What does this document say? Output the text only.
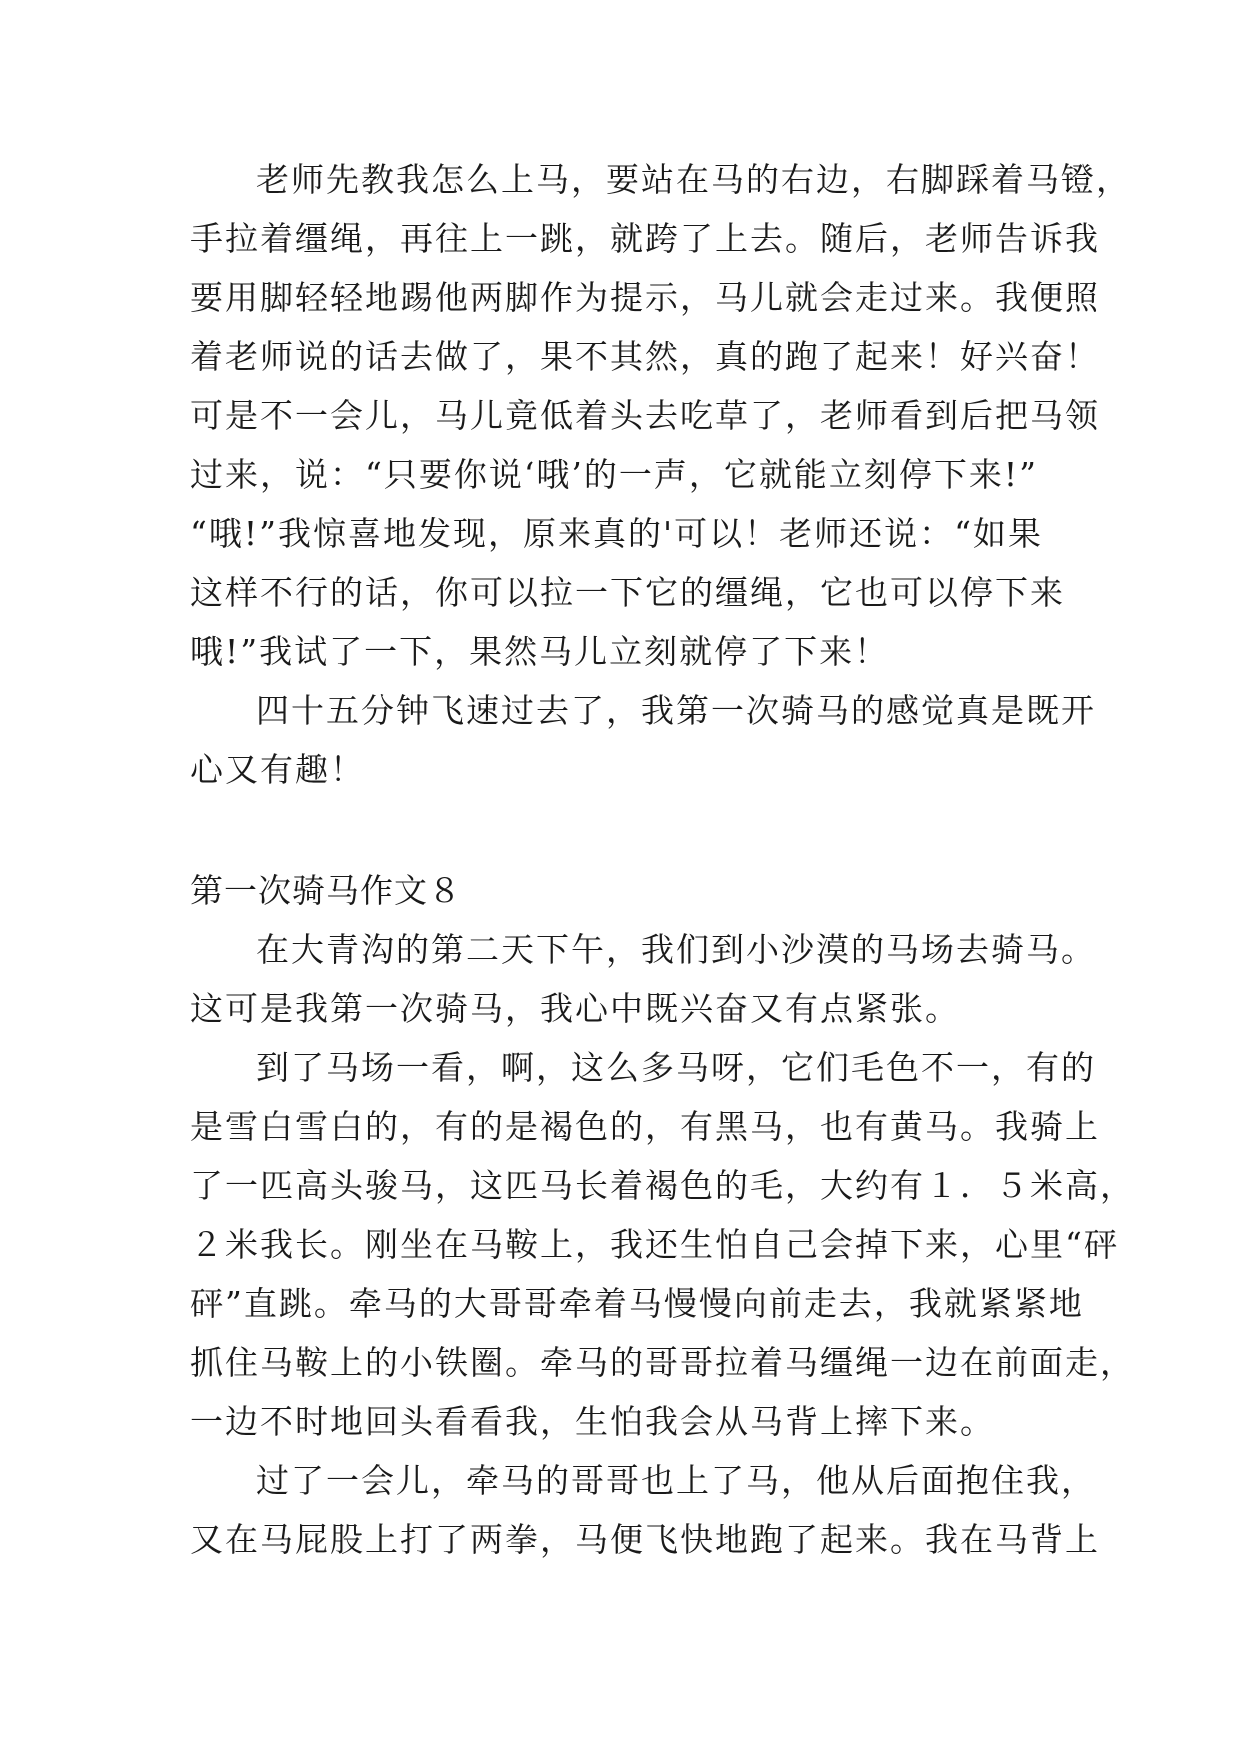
老师先教我怎么上马，要站在马的右边，右脚踩着马镫，
手拉着缰绳，再往上一跳，就跨了上去。随后，老师告诉我
要用脚轻轻地踢他两脚作为提示，马儿就会走过来。我便照
着老师说的话去做了，果不其然，真的跑了起来！好兴奋！
可是不一会儿，马儿竟低着头去吃草了，老师看到后把马领
过来，说：“只要你说‘哦’的一声，它就能立刻停下来!”
“哦!”我惊喜地发现，原来真的'可以！老师还说：“如果
这样不行的话，你可以拉一下它的缰绳，它也可以停下来
哦!”我试了一下，果然马儿立刻就停了下来！
四十五分钟飞速过去了，我第一次骑马的感觉真是既开
心又有趣！
第一次骑马作文８
在大青沟的第二天下午，我们到小沙漠的马场去骑马。
这可是我第一次骑马，我心中既兴奋又有点紧张。
到了马场一看，啊，这么多马呀，它们毛色不一，有的
是雪白雪白的，有的是褐色的，有黑马，也有黄马。我骑上
了一匹高头骏马，这匹马长着褐色的毛，大约有１．５米高，
２米我长。刚坐在马鞍上，我还生怕自己会掉下来，心里“砰
砰”直跳。牵马的大哥哥牵着马慢慢向前走去，我就紧紧地
抓住马鞍上的小铁圈。牵马的哥哥拉着马缰绳一边在前面走，
一边不时地回头看看我，生怕我会从马背上摔下来。
过了一会儿，牵马的哥哥也上了马，他从后面抱住我，
又在马屁股上打了两拳，马便飞快地跑了起来。我在马背上
